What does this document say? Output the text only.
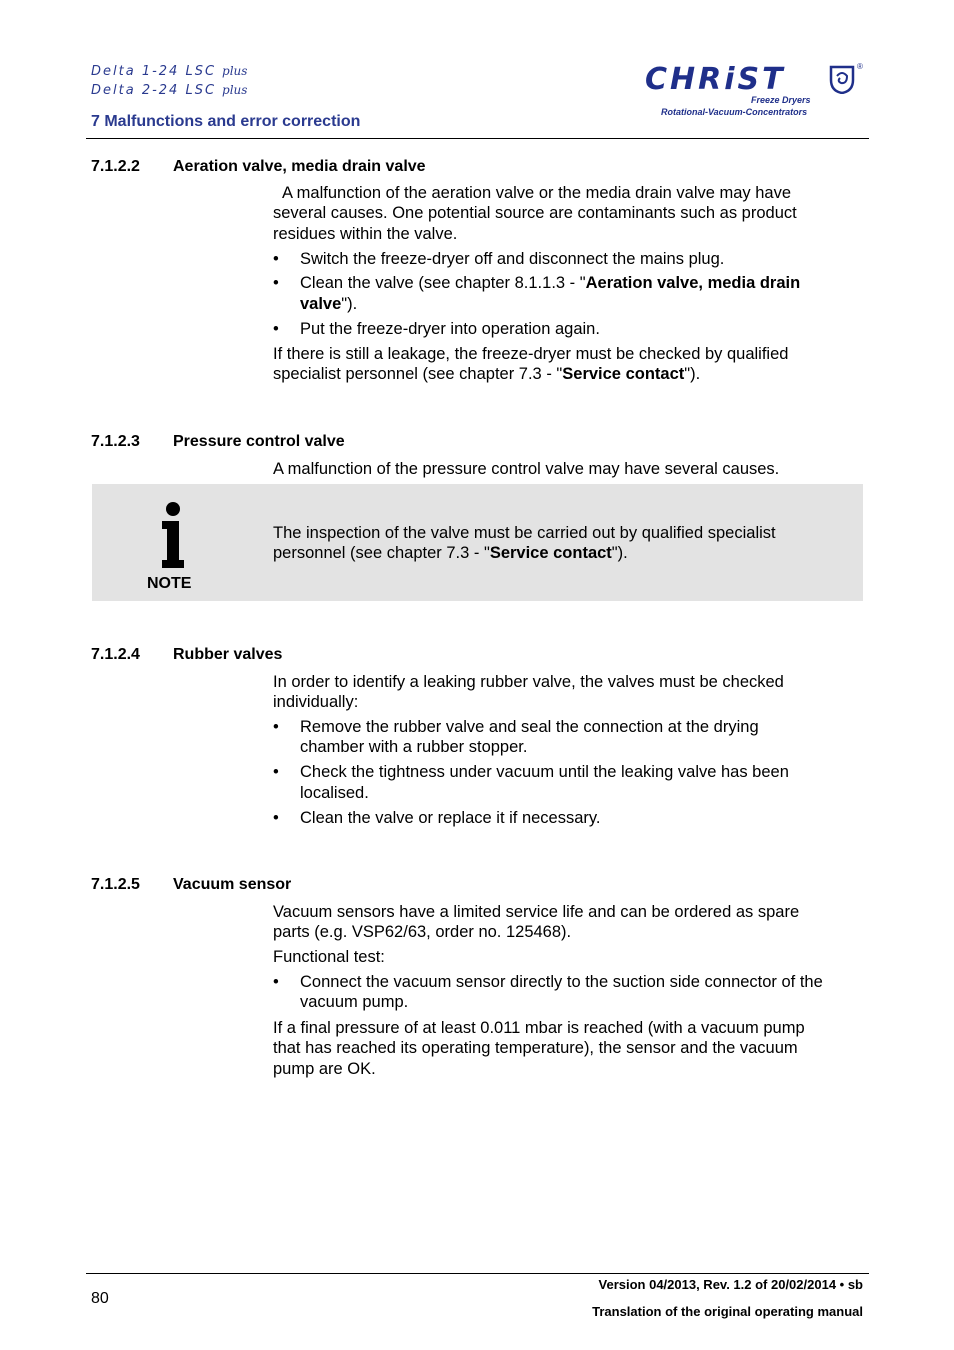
Delta 1-24 LSC plus
Delta 2-24 LSC plus
7 Malfunctions and error correction
CHRiST	®
Freeze Dryers
Rotational-Vacuum-Concentrators
7.1.2.2 Aeration valve, media drain valve
A malfunction of the aeration valve or the media drain valve may have
several causes. One potential source are contaminants such as product
residues within the valve.
• Switch the freeze-dryer off and disconnect the mains plug.
• Clean the valve (see chapter 8.1.1.3 - "Aeration valve, media drain
valve").
• Put the freeze-dryer into operation again.
If there is still a leakage, the freeze-dryer must be checked by qualified
specialist personnel (see chapter 7.3 - "Service contact").
7.1.2.3 Pressure control valve
A malfunction of the pressure control valve may have several causes.
NOTE
The inspection of the valve must be carried out by qualified specialist
personnel (see chapter 7.3 - "Service contact").
7.1.2.4 Rubber valves
In order to identify a leaking rubber valve, the valves must be checked
individually:
• Remove the rubber valve and seal the connection at the drying
chamber with a rubber stopper.
• Check the tightness under vacuum until the leaking valve has been
localised.
• Clean the valve or replace it if necessary.
7.1.2.5 Vacuum sensor
Vacuum sensors have a limited service life and can be ordered as spare
parts (e.g. VSP62/63, order no. 125468).
Functional test:
• Connect the vacuum sensor directly to the suction side connector of the
vacuum pump.
If a final pressure of at least 0.011 mbar is reached (with a vacuum pump
that has reached its operating temperature), the sensor and the vacuum
pump are OK.
80
Version 04/2013, Rev. 1.2 of 20/02/2014 • sb
Translation of the original operating manual
